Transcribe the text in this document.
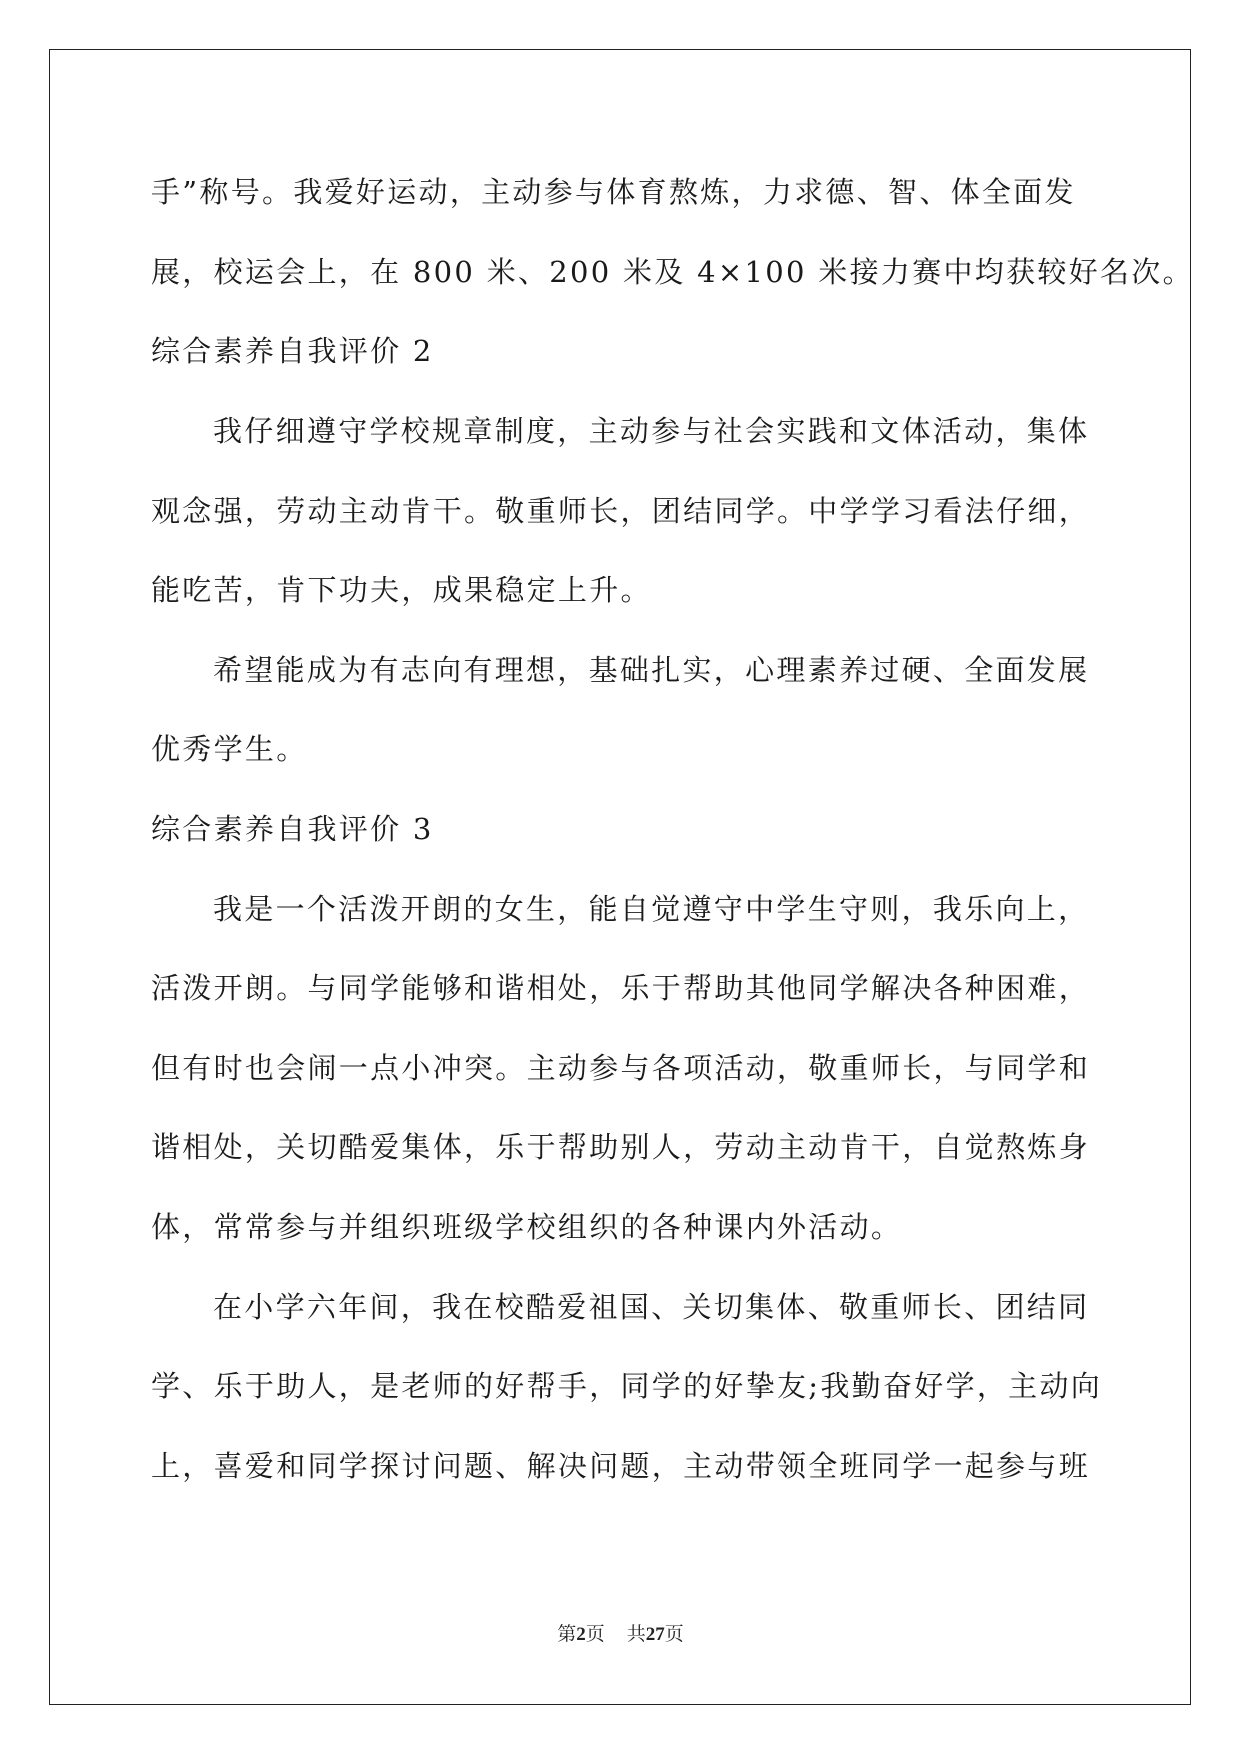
手”称号。我爱好运动，主动参与体育熬炼，力求德、智、体全面发
展，校运会上，在 800 米、200 米及 4×100 米接力赛中均获较好名次。
综合素养自我评价 2
我仔细遵守学校规章制度，主动参与社会实践和文体活动，集体
观念强，劳动主动肯干。敬重师长，团结同学。中学学习看法仔细，
能吃苦，肯下功夫，成果稳定上升。
希望能成为有志向有理想，基础扎实，心理素养过硬、全面发展
优秀学生。
综合素养自我评价 3
我是一个活泼开朗的女生，能自觉遵守中学生守则，我乐向上，
活泼开朗。与同学能够和谐相处，乐于帮助其他同学解决各种困难，
但有时也会闹一点小冲突。主动参与各项活动，敬重师长，与同学和
谐相处，关切酷爱集体，乐于帮助别人，劳动主动肯干，自觉熬炼身
体，常常参与并组织班级学校组织的各种课内外活动。
在小学六年间，我在校酷爱祖国、关切集体、敬重师长、团结同
学、乐于助人，是老师的好帮手，同学的好挚友;我勤奋好学，主动向
上，喜爱和同学探讨问题、解决问题，主动带领全班同学一起参与班
第2页 共27页
